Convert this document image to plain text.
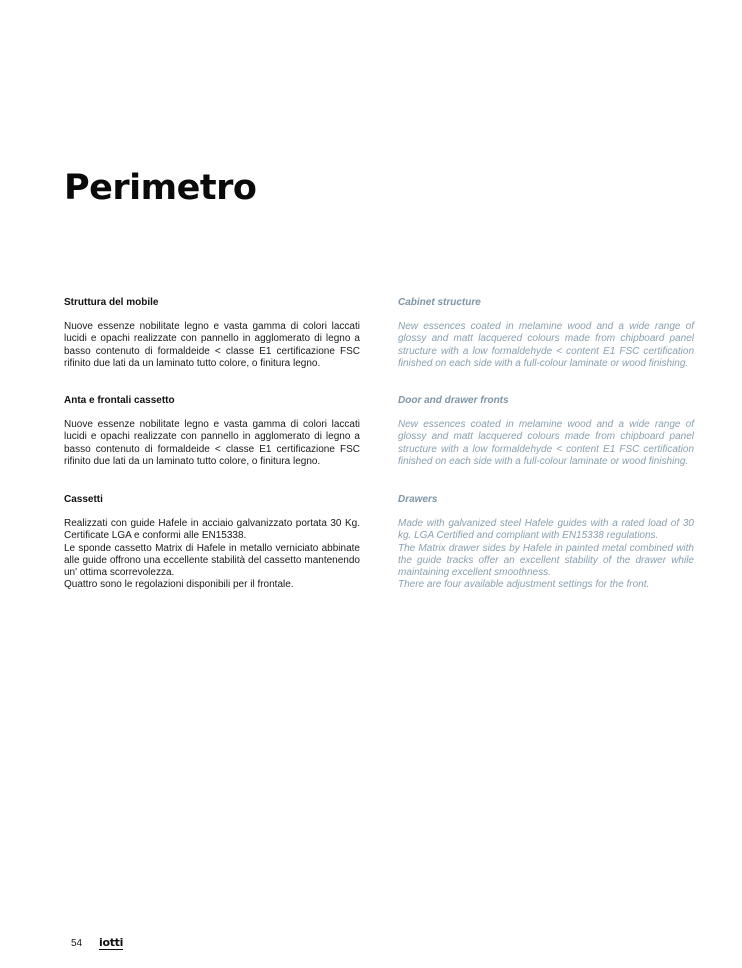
Perimetro
Struttura del mobile

Nuove essenze nobilitate legno e vasta gamma di colori laccati lucidi e opachi realizzate con pannello in agglomerato di legno a basso contenuto di formaldeide < classe E1 certificazione FSC rifinito due lati da un laminato tutto colore, o finitura legno.

Anta e frontali cassetto

Nuove essenze nobilitate legno e vasta gamma di colori laccati lucidi e opachi realizzate con pannello in agglomerato di legno a basso contenuto di formaldeide < classe E1 certificazione FSC rifinito due lati da un laminato tutto colore, o finitura legno.

Cassetti

Realizzati con guide Hafele in acciaio galvanizzato portata 30 Kg. Certificate LGA e conformi alle EN15338.

Le sponde cassetto Matrix di Hafele in metallo verniciato abbinate alle guide offrono una eccellente stabilità del cassetto mantenendo un' ottima scorrevolezza.

Quattro sono le regolazioni disponibili per il frontale.

Cabinet structure

New essences coated in melamine wood and a wide range of glossy and matt lacquered colours made from chipboard panel structure with a low formaldehyde < content E1 FSC certification finished on each side with a full-colour laminate or wood finishing.

Door and drawer fronts

New essences coated in melamine wood and a wide range of glossy and matt lacquered colours made from chipboard panel structure with a low formaldehyde < content E1 FSC certification finished on each side with a full-colour laminate or wood finishing.

Drawers

Made with galvanized steel Hafele guides with a rated load of 30 kg. LGA Certified and compliant with EN15338 regulations.

The Matrix drawer sides by Hafele in painted metal combined with the guide tracks offer an excellent stability of the drawer while maintaining excellent smoothness.

There are four available adjustment settings for the front.

54	iotti
